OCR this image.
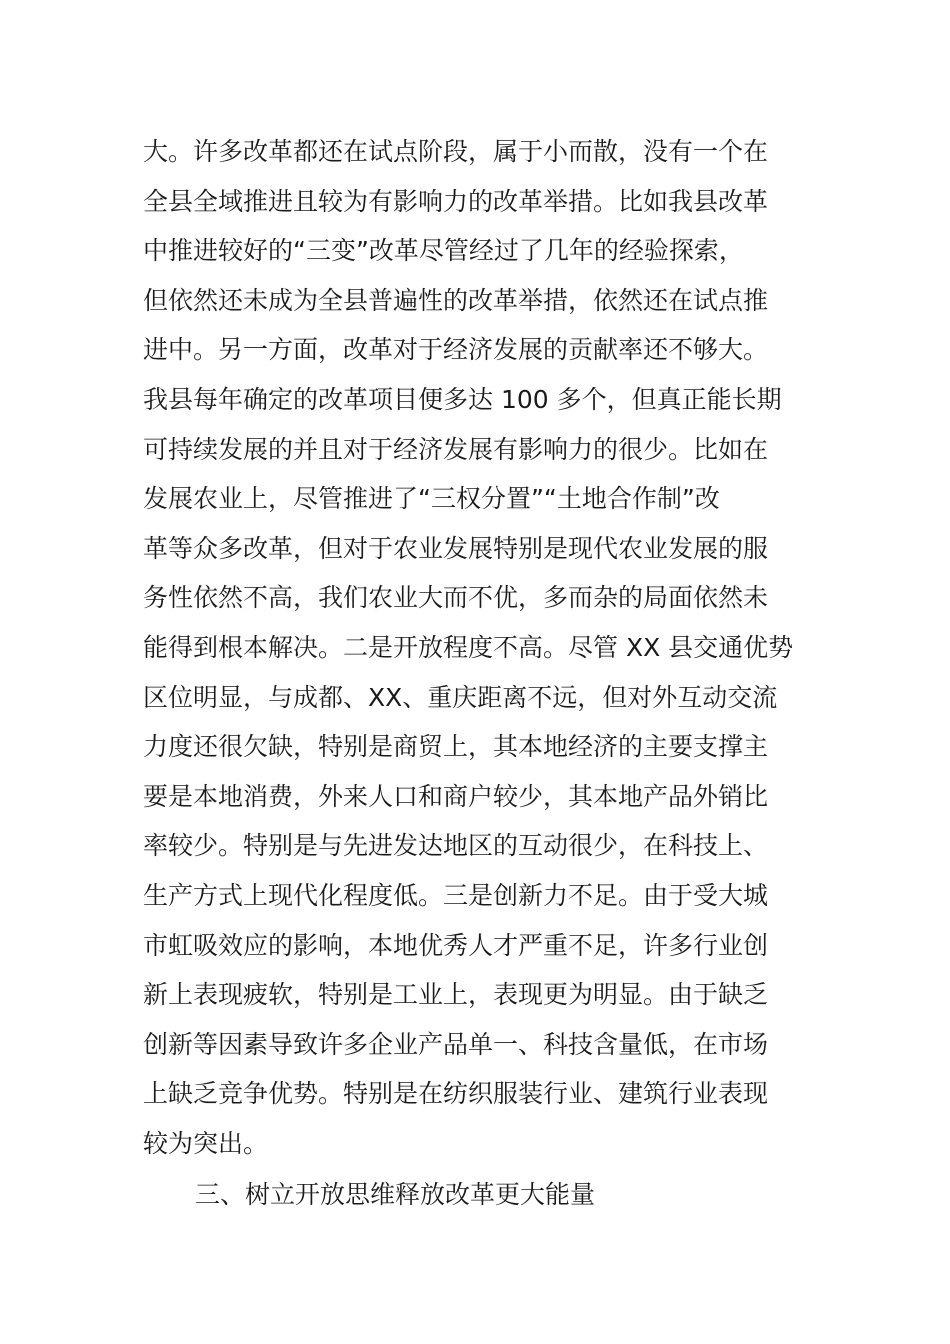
大。许多改革都还在试点阶段，属于小而散，没有一个在
全县全域推进且较为有影响力的改革举措。比如我县改革
中推进较好的“三变”改革尽管经过了几年的经验探索，
但依然还未成为全县普遍性的改革举措，依然还在试点推
进中。另一方面，改革对于经济发展的贡献率还不够大。
我县每年确定的改革项目便多达 100 多个，但真正能长期
可持续发展的并且对于经济发展有影响力的很少。比如在
发展农业上，尽管推进了“三权分置”“土地合作制”改
革等众多改革，但对于农业发展特别是现代农业发展的服
务性依然不高，我们农业大而不优，多而杂的局面依然未
能得到根本解决。二是开放程度不高。尽管 XX 县交通优势
区位明显，与成都、XX、重庆距离不远，但对外互动交流
力度还很欠缺，特别是商贸上，其本地经济的主要支撑主
要是本地消费，外来人口和商户较少，其本地产品外销比
率较少。特别是与先进发达地区的互动很少，在科技上、
生产方式上现代化程度低。三是创新力不足。由于受大城
市虹吸效应的影响，本地优秀人才严重不足，许多行业创
新上表现疲软，特别是工业上，表现更为明显。由于缺乏
创新等因素导致许多企业产品单一、科技含量低，在市场
上缺乏竞争优势。特别是在纺织服装行业、建筑行业表现
较为突出。
三、树立开放思维释放改革更大能量
